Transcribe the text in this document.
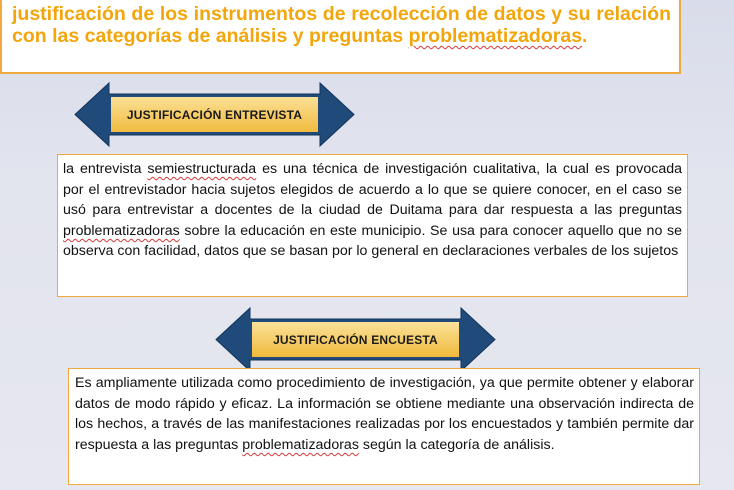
justificación de los instrumentos de recolección de datos y su relación con las categorías de análisis y preguntas problematizadoras.

JUSTIFICACIÓN ENTREVISTA

la entrevista semiestructurada es una técnica de investigación cualitativa, la cual es provocada por el entrevistador hacia sujetos elegidos de acuerdo a lo que se quiere conocer, en el caso se usó para entrevistar a docentes de la ciudad de Duitama para dar respuesta a las preguntas problematizadoras sobre la educación en este municipio. Se usa para conocer aquello que no se observa con facilidad, datos que se basan por lo general en declaraciones verbales de los sujetos

JUSTIFICACIÓN ENCUESTA

Es ampliamente utilizada como procedimiento de investigación, ya que permite obtener y elaborar datos de modo rápido y eficaz. La información se obtiene mediante una observación indirecta de los hechos, a través de las manifestaciones realizadas por los encuestados y también permite dar respuesta a las preguntas problematizadoras según la categoría de análisis.
